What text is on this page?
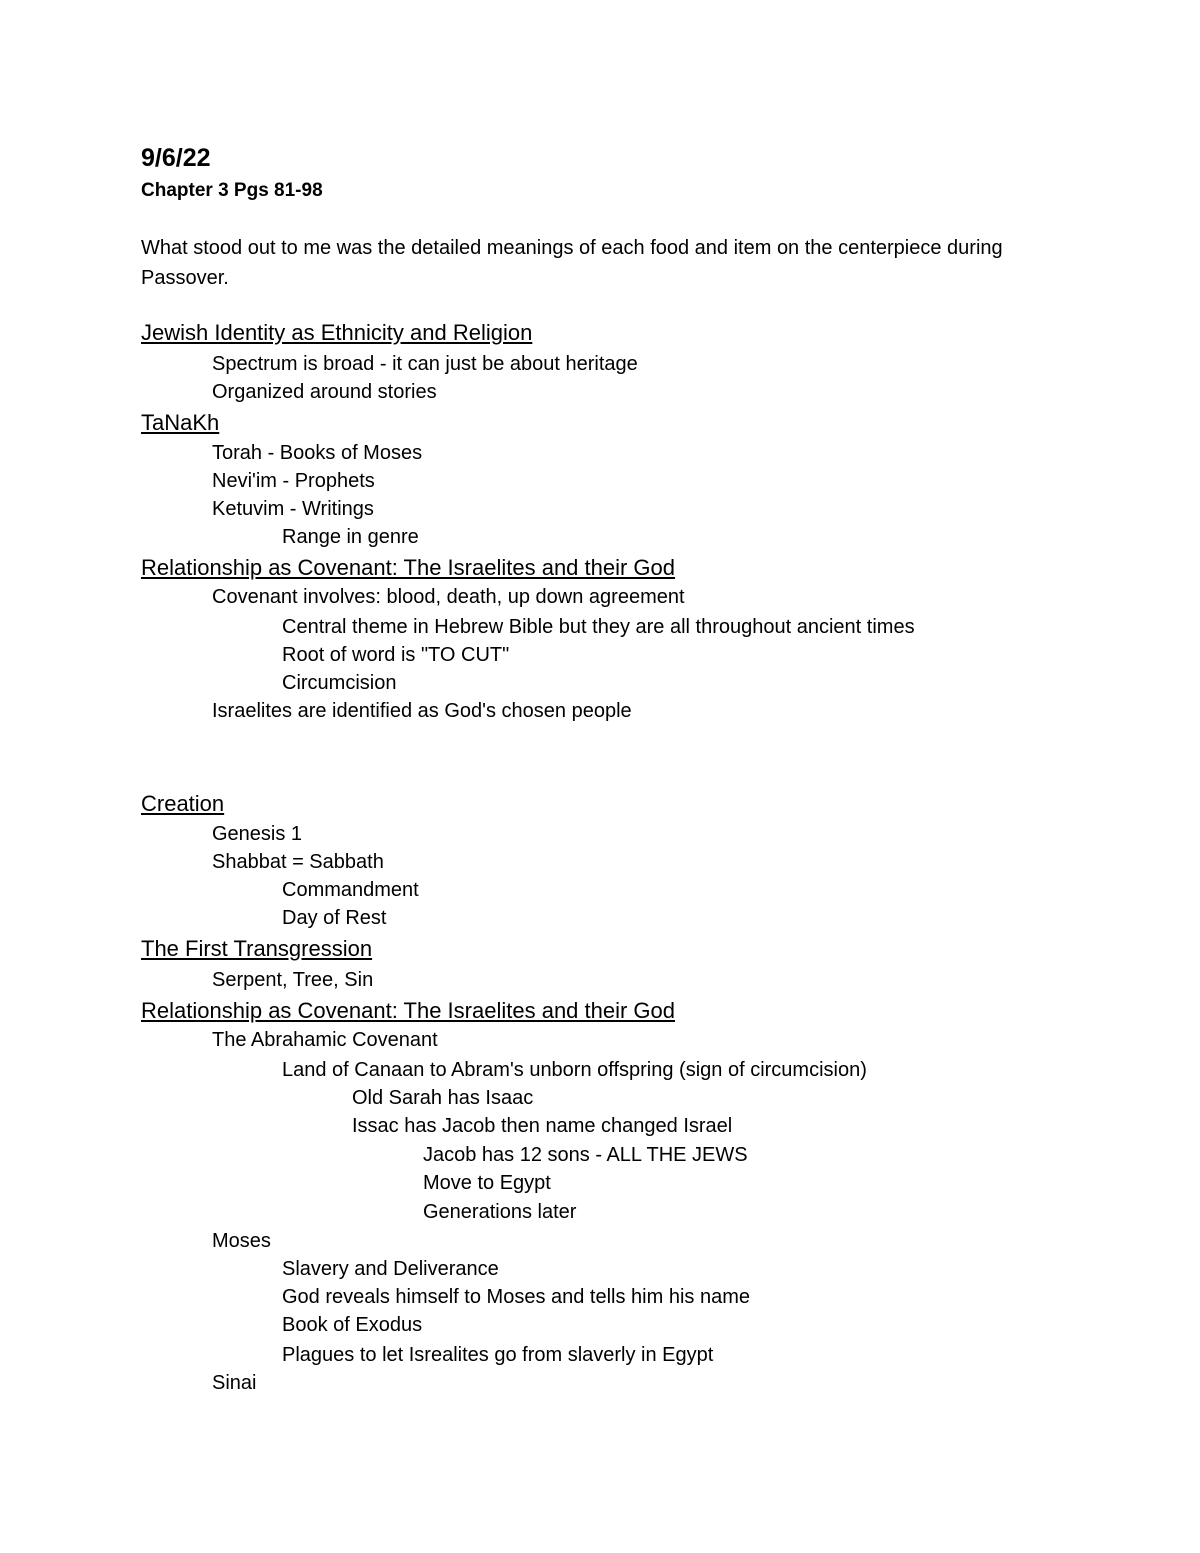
9/6/22
Chapter 3 Pgs 81-98
What stood out to me was the detailed meanings of each food and item on the centerpiece during Passover.
Jewish Identity as Ethnicity and Religion
Spectrum is broad - it can just be about heritage
Organized around stories
TaNaKh
Torah - Books of Moses
Nevi'im - Prophets
Ketuvim - Writings
Range in genre
Relationship as Covenant: The Israelites and their God
Covenant involves: blood, death, up down agreement
Central theme in Hebrew Bible but they are all throughout ancient times
Root of word is "TO CUT"
Circumcision
Israelites are identified as God's chosen people
Creation
Genesis 1
Shabbat = Sabbath
Commandment
Day of Rest
The First Transgression
Serpent, Tree, Sin
Relationship as Covenant: The Israelites and their God
The Abrahamic Covenant
Land of Canaan to Abram's unborn offspring (sign of circumcision)
Old Sarah has Isaac
Issac has Jacob then name changed Israel
Jacob has 12 sons - ALL THE JEWS
Move to Egypt
Generations later
Moses
Slavery and Deliverance
God reveals himself to Moses and tells him his name
Book of Exodus
Plagues to let Isrealites go from slaverly in Egypt
Sinai
